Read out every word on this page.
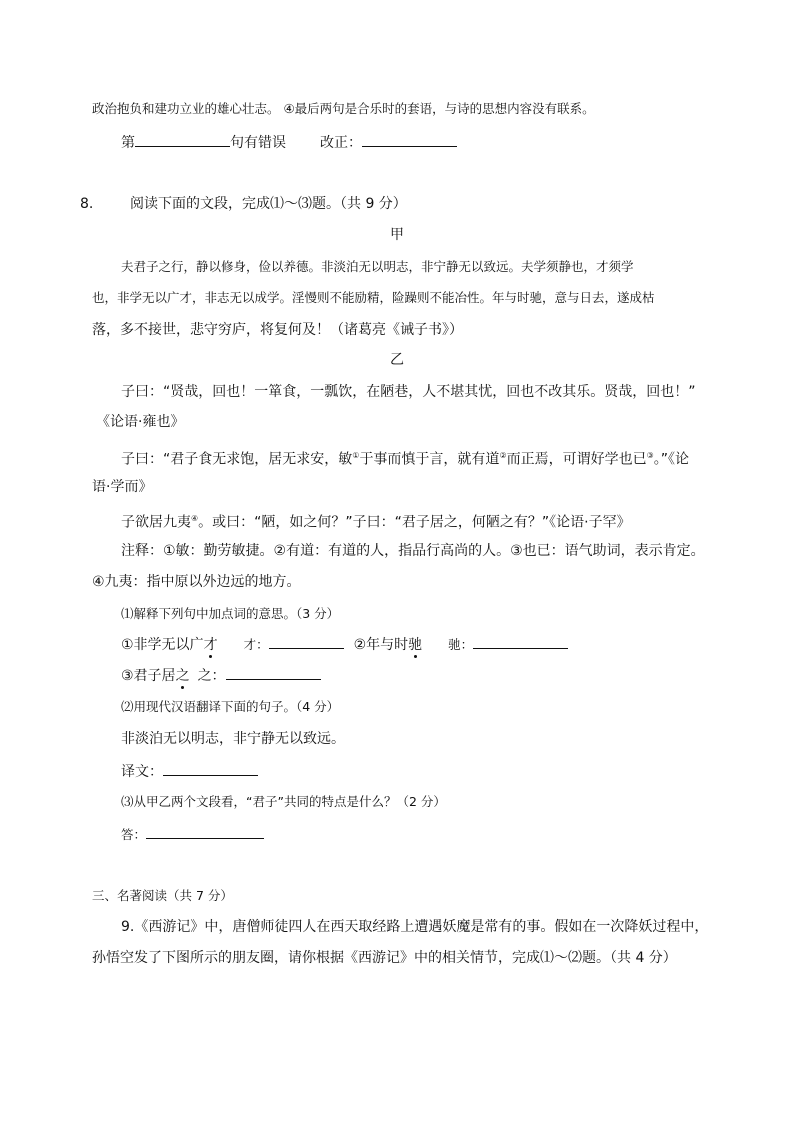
政治抱负和建功立业的雄心壮志。 ④最后两句是合乐时的套语，与诗的思想内容没有联系。
第	句有错误 改正：
8.	阅读下面的文段，完成⑴～⑶题。（共 9 分）
甲
夫君子之行，静以修身，俭以养德。非淡泊无以明志，非宁静无以致远。夫学须静也，才须学
也，非学无以广才，非志无以成学。淫慢则不能励精，险躁则不能冶性。年与时驰，意与日去，遂成枯
落，多不接世，悲守穷庐，将复何及！（诸葛亮《诫子书》）
乙
子曰：“贤哉，回也！一箪食，一瓢饮，在陋巷，人不堪其忧，回也不改其乐。贤哉，回也！”
《论语·雍也》
子曰：“君子食无求饱，居无求安，敏①于事而慎于言，就有道②而正焉，可谓好学也已③。”《论
语·学而》
子欲居九夷④。或曰：“陋，如之何？”子曰：“君子居之，何陋之有？”《论语·子罕》
注释：①敏：勤劳敏捷。②有道：有道的人，指品行高尚的人。③也已：语气助词，表示肯定。
④九夷：指中原以外边远的地方。
⑴解释下列句中加点词的意思。（3 分）
①非学无以广才 才：	②年与时驰 驰：
③君子居之 之：
⑵用现代汉语翻译下面的句子。（4 分）
非淡泊无以明志，非宁静无以致远。
译文：
⑶从甲乙两个文段看，“君子”共同的特点是什么？（2 分）
答：
三、名著阅读（共 7 分）
9.《西游记》中，唐僧师徒四人在西天取经路上遭遇妖魔是常有的事。假如在一次降妖过程中，
孙悟空发了下图所示的朋友圈，请你根据《西游记》中的相关情节，完成⑴～⑵题。（共 4 分）
